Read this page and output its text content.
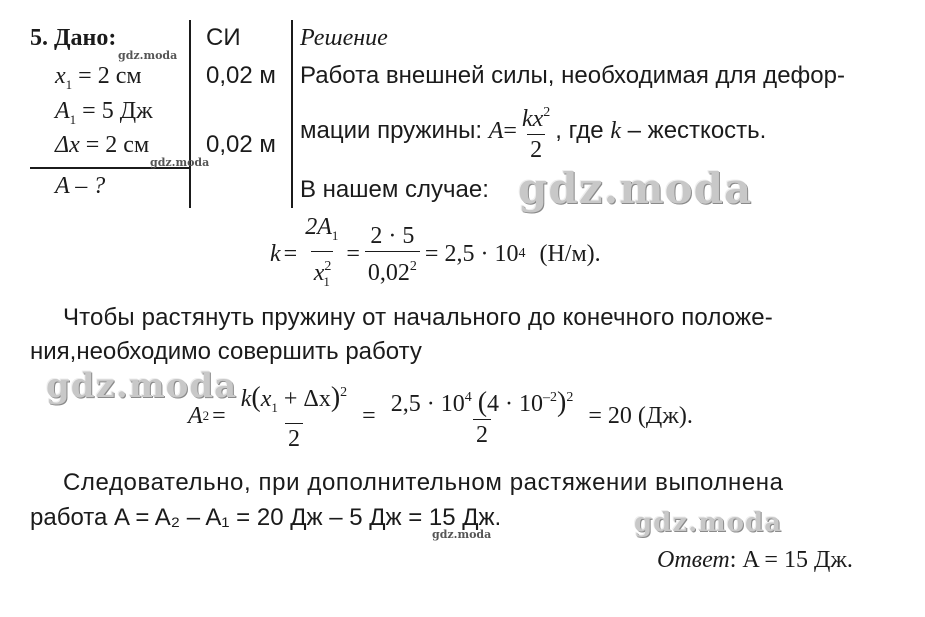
5. Дано:
$x_1 = 2$ см
$A_1 = 5$ Дж
Δx = 2 см
A – ?
СИ
0,02 м
0,02 м
Решение
Работа внешней силы, необходимая для дефор-
мации пружины:
$A = \frac{kx^2}{2}$ , где
k
– жесткость.
В нашем случае:
$k = \frac{2A_1}{x^2_1} = \frac{2 \cdot 5}{0,02^2} = 2,5 \cdot 10$ 4 (Н/м).
Чтобы растянуть пружину от начального до конечного положе-
ния,необходимо совершить работу
A $2 = \frac{k(x_1 + \Delta x)^2}{2} = \frac{2,5 \cdot 10^4 (4 \cdot 10^{-2})^2}{2} = 20$ (Дж).
Следовательно, при дополнительном растяжении выполнена
работа A = A₂ – A₁ = 20 Дж – 5 Дж = 15 Дж.
Ответ: A = 15 Дж.
gdz.moda
gdz.moda
gdz.moda
gdz.moda
gdz.moda
gdz.moda
